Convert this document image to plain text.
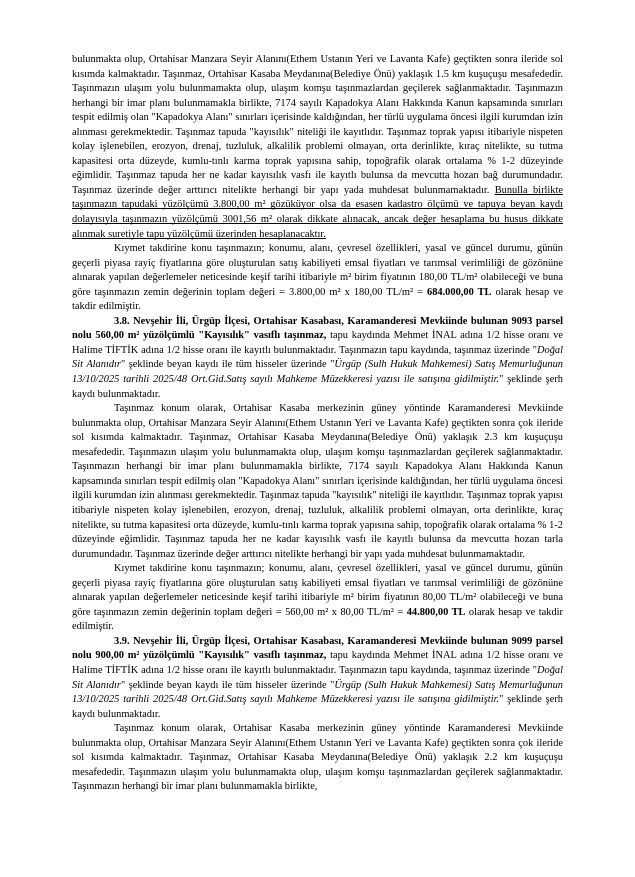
bulunmakta olup, Ortahisar Manzara Seyir Alanını(Ethem Ustanın Yeri ve Lavanta Kafe) geçtikten sonra ileride sol kısımda kalmaktadır. Taşınmaz, Ortahisar Kasaba Meydanına(Belediye Önü) yaklaşık 1.5 km kuşuçuşu mesafededir. Taşınmazın ulaşım yolu bulunmamakta olup, ulaşım komşu taşınmazlardan geçilerek sağlanmaktadır. Taşınmazın herhangi bir imar planı bulunmamakla birlikte, 7174 sayılı Kapadokya Alanı Hakkında Kanun kapsamında sınırları tespit edilmiş olan "Kapadokya Alanı" sınırları içerisinde kaldığından, her türlü uygulama öncesi ilgili kurumdan izin alınması gerekmektedir. Taşınmaz tapuda "kayısılık" niteliği ile kayıtlıdır. Taşınmaz toprak yapısı itibariyle nispeten kolay işlenebilen, erozyon, drenaj, tuzluluk, alkalilik problemi olmayan, orta derinlikte, kıraç nitelikte, su tutma kapasitesi orta düzeyde, kumlu-tınlı karma toprak yapısına sahip, topoğrafik olarak ortalama % 1-2 düzeyinde eğimlidir. Taşınmaz tapuda her ne kadar kayısılık vasfı ile kayıtlı bulunsa da mevcutta hozan bağ durumundadır. Taşınmaz üzerinde değer arttırıcı nitelikte herhangi bir yapı yada muhdesat bulunmamaktadır. Bunulla birlikte taşınmazın tapudaki yüzölçümü 3.800,00 m² gözüküyor olsa da esasen kadastro ölçümü ve tapuya beyan kaydı dolayısıyla taşınmazın yüzölçümü 3001,56 m² olarak dikkate alınacak, ancak değer hesaplama bu husus dikkate alınmak suretiyle tapu yüzölçümü üzerinden hesaplanacaktır.

Kıymet takdirine konu taşınmazın; konumu, alanı, çevresel özellikleri, yasal ve güncel durumu, günün geçerli piyasa rayiç fiyatlarına göre oluşturulan satış kabiliyeti emsal fiyatları ve tarımsal verimliliği de gözönüne alınarak yapılan değerlemeler neticesinde keşif tarihi itibariyle m² birim fiyatının 180,00 TL/m² olabileceği ve buna göre taşınmazın zemin değerinin toplam değeri = 3.800,00 m² x 180,00 TL/m² = 684.000,00 TL olarak hesap ve takdir edilmiştir.

3.8. Nevşehir İli, Ürgüp İlçesi, Ortahisar Kasabası, Karamanderesi Mevkiinde bulunan 9093 parsel nolu 560,00 m² yüzölçümlü "Kayısılık" vasıflı taşınmaz, tapu kaydında Mehmet İNAL adına 1/2 hisse oranı ve Halime TİFTİK adına 1/2 hisse oranı ile kayıtlı bulunmaktadır. Taşınmazın tapu kaydında, taşınmaz üzerinde "Doğal Sit Alanıdır" şeklinde beyan kaydı ile tüm hisseler üzerinde "Ürgüp (Sulh Hukuk Mahkemesi) Satış Memurluğunun 13/10/2025 tarihli 2025/48 Ort.Gid.Satış sayılı Mahkeme Müzekkeresi yazısı ile satışına gidilmiştir." şeklinde şerh kaydı bulunmaktadır.

Taşınmaz konum olarak, Ortahisar Kasaba merkezinin güney yöntinde Karamanderesi Mevkiinde bulunmakta olup, Ortahisar Manzara Seyir Alanını(Ethem Ustanın Yeri ve Lavanta Kafe) geçtikten sonra çok ileride sol kısımda kalmaktadır. Taşınmaz, Ortahisar Kasaba Meydanına(Belediye Önü) yaklaşık 2.3 km kuşuçuşu mesafededir. Taşınmazın ulaşım yolu bulunmamakta olup, ulaşım komşu taşınmazlardan geçilerek sağlanmaktadır. Taşınmazın herhangi bir imar planı bulunmamakla birlikte, 7174 sayılı Kapadokya Alanı Hakkında Kanun kapsamında sınırları tespit edilmiş olan "Kapadokya Alanı" sınırları içerisinde kaldığından, her türlü uygulama öncesi ilgili kurumdan izin alınması gerekmektedir. Taşınmaz tapuda "kayısılık" niteliği ile kayıtlıdır. Taşınmaz toprak yapısı itibariyle nispeten kolay işlenebilen, erozyon, drenaj, tuzluluk, alkalilik problemi olmayan, orta derinlikte, kıraç nitelikte, su tutma kapasitesi orta düzeyde, kumlu-tınlı karma toprak yapısına sahip, topoğrafik olarak ortalama % 1-2 düzeyinde eğimlidir. Taşınmaz tapuda her ne kadar kayısılık vasfı ile kayıtlı bulunsa da mevcutta hozan tarla durumundadır. Taşınmaz üzerinde değer arttırıcı nitelikte herhangi bir yapı yada muhdesat bulunmamaktadır.

Kıymet takdirine konu taşınmazın; konumu, alanı, çevresel özellikleri, yasal ve güncel durumu, günün geçerli piyasa rayiç fiyatlarına göre oluşturulan satış kabiliyeti emsal fiyatları ve tarımsal verimliliği de gözönüne alınarak yapılan değerlemeler neticesinde keşif tarihi itibariyle m² birim fiyatının 80,00 TL/m² olabileceği ve buna göre taşınmazın zemin değerinin toplam değeri = 560,00 m² x 80,00 TL/m² = 44.800,00 TL olarak hesap ve takdir edilmiştir.

3.9. Nevşehir İli, Ürgüp İlçesi, Ortahisar Kasabası, Karamanderesi Mevkiinde bulunan 9099 parsel nolu 900,00 m² yüzölçümlü "Kayısılık" vasıflı taşınmaz, tapu kaydında Mehmet İNAL adına 1/2 hisse oranı ve Halime TİFTİK adına 1/2 hisse oranı ile kayıtlı bulunmaktadır. Taşınmazın tapu kaydında, taşınmaz üzerinde "Doğal Sit Alanıdır" şeklinde beyan kaydı ile tüm hisseler üzerinde "Ürgüp (Sulh Hukuk Mahkemesi) Satış Memurluğunun 13/10/2025 tarihli 2025/48 Ort.Gid.Satış sayılı Mahkeme Müzekkeresi yazısı ile satışına gidilmiştir." şeklinde şerh kaydı bulunmaktadır.

Taşınmaz konum olarak, Ortahisar Kasaba merkezinin güney yöntinde Karamanderesi Mevkiinde bulunmakta olup, Ortahisar Manzara Seyir Alanını(Ethem Ustanın Yeri ve Lavanta Kafe) geçtikten sonra çok ileride sol kısımda kalmaktadır. Taşınmaz, Ortahisar Kasaba Meydanına(Belediye Önü) yaklaşık 2.2 km kuşuçuşu mesafededir. Taşınmazın ulaşım yolu bulunmamakta olup, ulaşım komşu taşınmazlardan geçilerek sağlanmaktadır. Taşınmazın herhangi bir imar planı bulunmamakla birlikte,
